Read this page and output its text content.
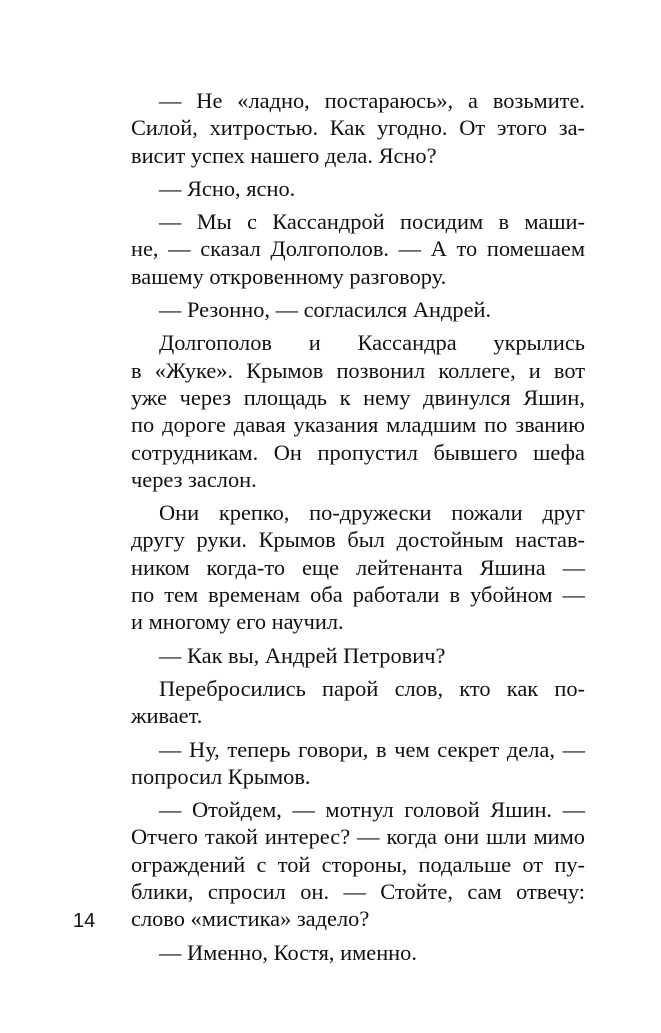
— Не «ладно, постараюсь», а возьмите.
Силой, хитростью. Как угодно. От этого за-
висит успех нашего дела. Ясно?
— Ясно, ясно.
— Мы с Кассандрой посидим в маши-
не, — сказал Долгополов. — А то помешаем
вашему откровенному разговору.
— Резонно, — согласился Андрей.
Долгополов и Кассандра укрылись
в «Жуке». Крымов позвонил коллеге, и вот
уже через площадь к нему двинулся Яшин,
по дороге давая указания младшим по званию
сотрудникам. Он пропустил бывшего шефа
через заслон.
Они крепко, по-дружески пожали друг
другу руки. Крымов был достойным настав-
ником когда-то еще лейтенанта Яшина —
по тем временам оба работали в убойном —
и многому его научил.
— Как вы, Андрей Петрович?
Перебросились парой слов, кто как по-
живает.
— Ну, теперь говори, в чем секрет дела, —
попросил Крымов.
— Отойдем, — мотнул головой Яшин. —
Отчего такой интерес? — когда они шли мимо
ограждений с той стороны, подальше от пу-
блики, спросил он. — Стойте, сам отвечу:
слово «мистика» задело?
— Именно, Костя, именно.
14
